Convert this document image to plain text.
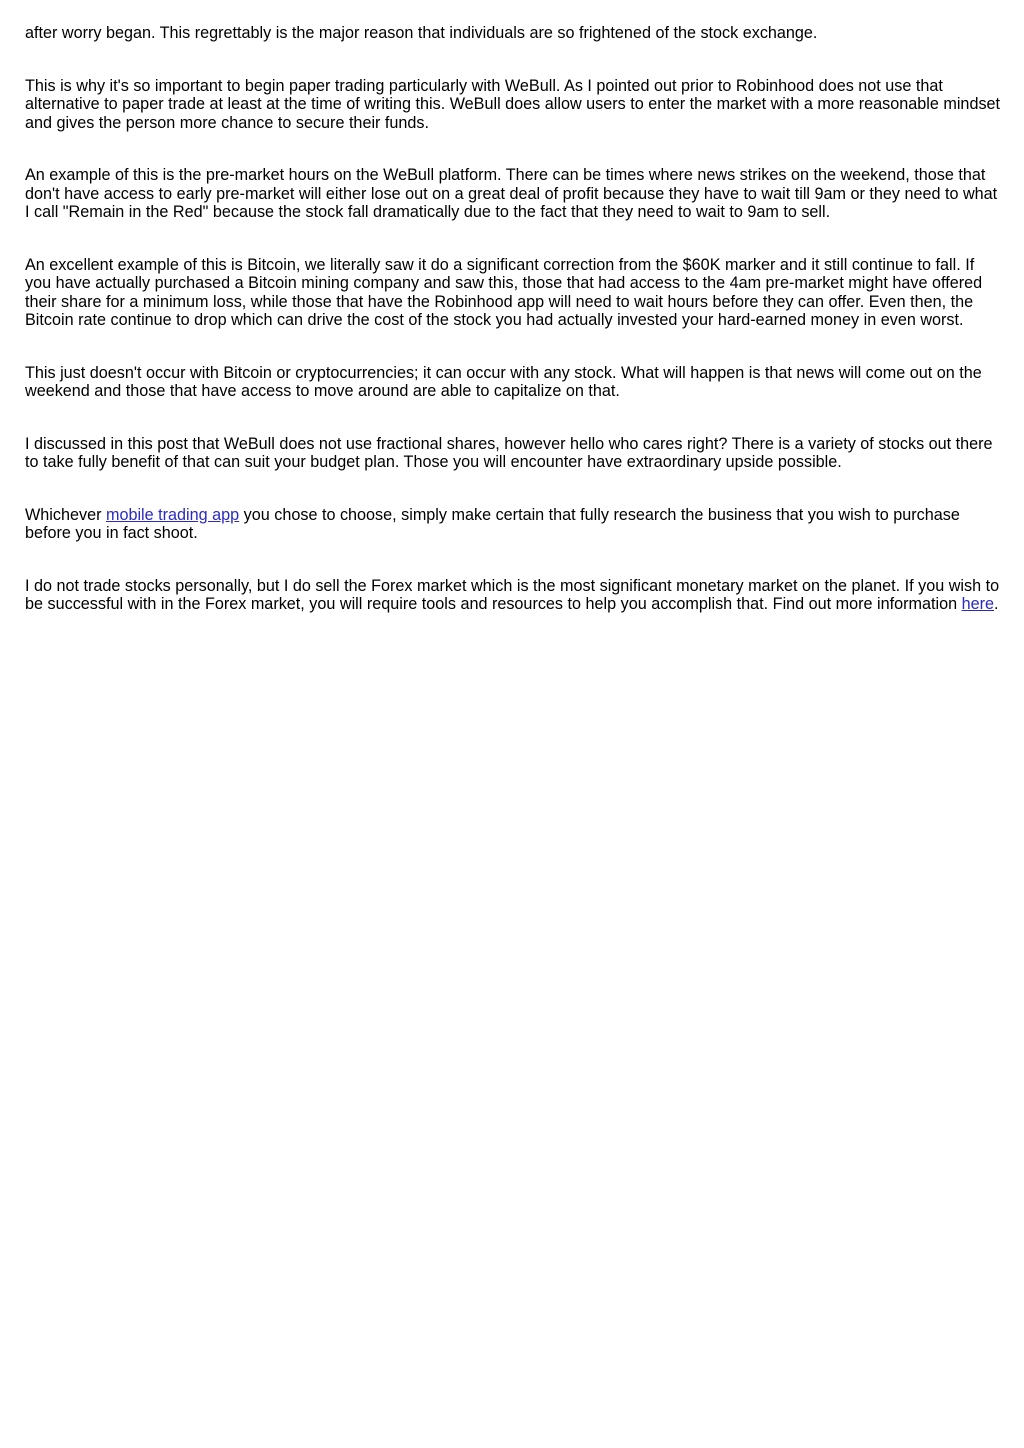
after worry began. This regrettably is the major reason that individuals are so frightened of the stock exchange.

This is why it's so important to begin paper trading particularly with WeBull. As I pointed out prior to Robinhood does not use that alternative to paper trade at least at the time of writing this. WeBull does allow users to enter the market with a more reasonable mindset and gives the person more chance to secure their funds.

An example of this is the pre-market hours on the WeBull platform. There can be times where news strikes on the weekend, those that don't have access to early pre-market will either lose out on a great deal of profit because they have to wait till 9am or they need to what I call "Remain in the Red" because the stock fall dramatically due to the fact that they need to wait to 9am to sell.

An excellent example of this is Bitcoin, we literally saw it do a significant correction from the $60K marker and it still continue to fall. If you have actually purchased a Bitcoin mining company and saw this, those that had access to the 4am pre-market might have offered their share for a minimum loss, while those that have the Robinhood app will need to wait hours before they can offer. Even then, the Bitcoin rate continue to drop which can drive the cost of the stock you had actually invested your hard-earned money in even worst.

This just doesn't occur with Bitcoin or cryptocurrencies; it can occur with any stock. What will happen is that news will come out on the weekend and those that have access to move around are able to capitalize on that.

I discussed in this post that WeBull does not use fractional shares, however hello who cares right? There is a variety of stocks out there to take fully benefit of that can suit your budget plan. Those you will encounter have extraordinary upside possible.

Whichever mobile trading app you chose to choose, simply make certain that fully research the business that you wish to purchase before you in fact shoot.

I do not trade stocks personally, but I do sell the Forex market which is the most significant monetary market on the planet. If you wish to be successful with in the Forex market, you will require tools and resources to help you accomplish that. Find out more information here.
